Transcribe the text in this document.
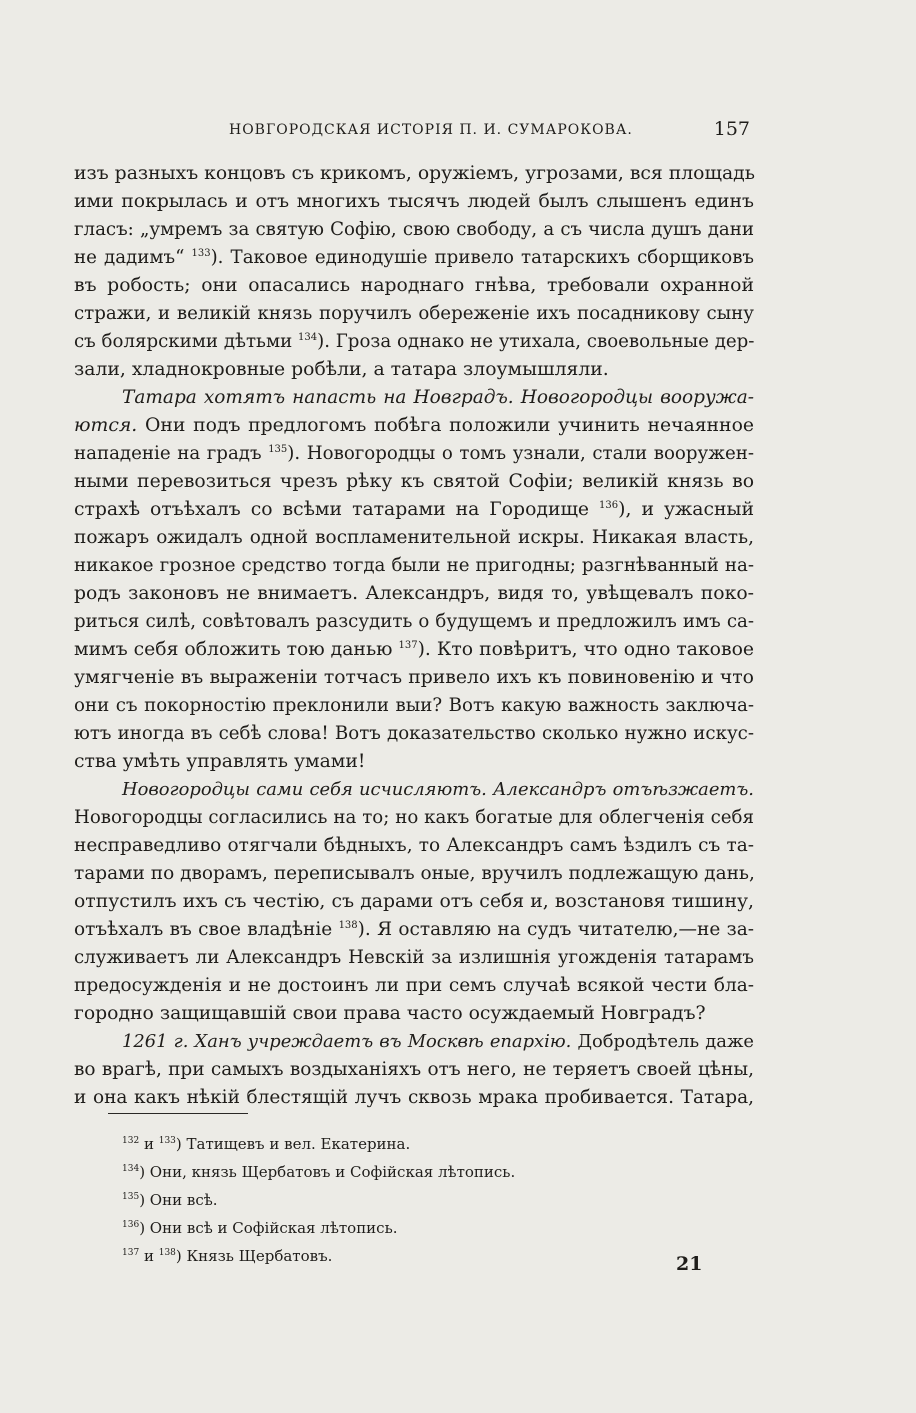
НОВГОРОДСКАЯ ИСТОРІЯ П. И. СУМАРОКОВА.	157
изъ разныхъ концовъ съ крикомъ, оружіемъ, угрозами, вся площадь
ими покрылась и отъ многихъ тысячъ людей былъ слышенъ единъ
гласъ: „умремъ за святую Софію, свою свободу, а съ числа душъ дани
не дадимъ“ $^{133}$). Таковое единодушіе привело татарскихъ сборщиковъ
въ робость; они опасались народнаго гнѣва, требовали охранной
стражи, и великій князь поручилъ обереженіе ихъ посадникову сыну
съ болярскими дѣтьми $^{134}$). Гроза однако не утихала, своевольные дер-
зали, хладнокровные робѣли, а татара злоумышляли.
Татара хотятъ напасть на Новградъ. Новогородцы вооружа-
ются. Они подъ предлогомъ побѣга положили учинить нечаянное
нападеніе на градъ $^{135}$). Новогородцы о томъ узнали, стали вооружен-
ными перевозиться чрезъ рѣку къ святой Софіи; великій князь во
страхѣ отъѣхалъ со всѣми татарами на Городище $^{136}$), и ужасный
пожаръ ожидалъ одной воспламенительной искры. Никакая власть,
никакое грозное средство тогда были не пригодны; разгнѣванный на-
родъ законовъ не внимаетъ. Александръ, видя то, увѣщевалъ поко-
риться силѣ, совѣтовалъ разсудить о будущемъ и предложилъ имъ са-
мимъ себя обложить тою данью $^{137}$). Кто повѣритъ, что одно таковое
умягченіе въ выраженіи тотчасъ привело ихъ къ повиновенію и что
они съ покорностію преклонили выи? Вотъ какую важность заключа-
ютъ иногда въ себѣ слова! Вотъ доказательство сколько нужно искус-
ства умѣть управлять умами!
Новогородцы сами себя исчисляютъ. Александръ отъѣзжаетъ.
Новогородцы согласились на то; но какъ богатые для облегченія себя
несправедливо отягчали бѣдныхъ, то Александръ самъ ѣздилъ съ та-
тарами по дворамъ, переписывалъ оные, вручилъ подлежащую дань,
отпустилъ ихъ съ честію, съ дарами отъ себя и, возстановя тишину,
отъѣхалъ въ свое владѣніе $^{138}$). Я оставляю на судъ читателю,—не за-
служиваетъ ли Александръ Невскій за излишнія угожденія татарамъ
предосужденія и не достоинъ ли при семъ случаѣ всякой чести бла-
городно защищавшій свои права часто осуждаемый Новградъ?
1261 г. Ханъ учреждаетъ въ Москвѣ епархію. Добродѣтель даже
во врагѣ, при самыхъ воздыханіяхъ отъ него, не теряетъ своей цѣны,
и она какъ нѣкій блестящій лучъ сквозь мрака пробивается. Татара,
$^{132}$ и $^{133}$) Татищевъ и вел. Екатерина.
$^{134}$) Они, князь Щербатовъ и Софійская лѣтопись.
$^{135}$) Они всѣ.
$^{136}$) Они всѣ и Софійская лѣтопись.
$^{137}$ и $^{138}$) Князь Щербатовъ.	21
